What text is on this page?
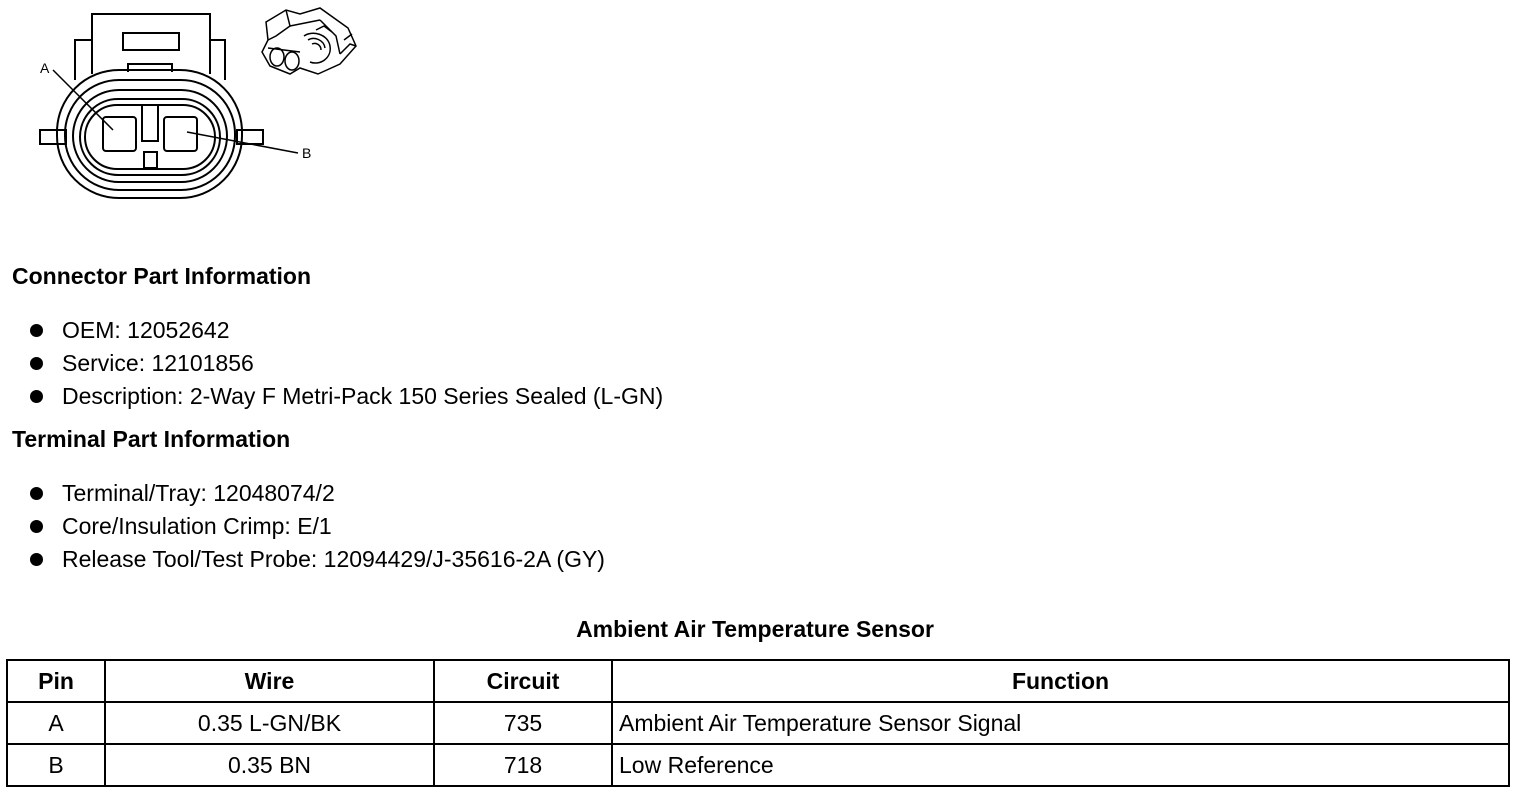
A
B
Connector Part Information
OEM: 12052642
Service: 12101856
Description: 2-Way F Metri-Pack 150 Series Sealed (L-GN)
Terminal Part Information
Terminal/Tray: 12048074/2
Core/Insulation Crimp: E/1
Release Tool/Test Probe: 12094429/J-35616-2A (GY)
Ambient Air Temperature Sensor
Pin	Wire	Circuit	Function
A	0.35 L-GN/BK	735	Ambient Air Temperature Sensor Signal
B	0.35 BN	718	Low Reference
